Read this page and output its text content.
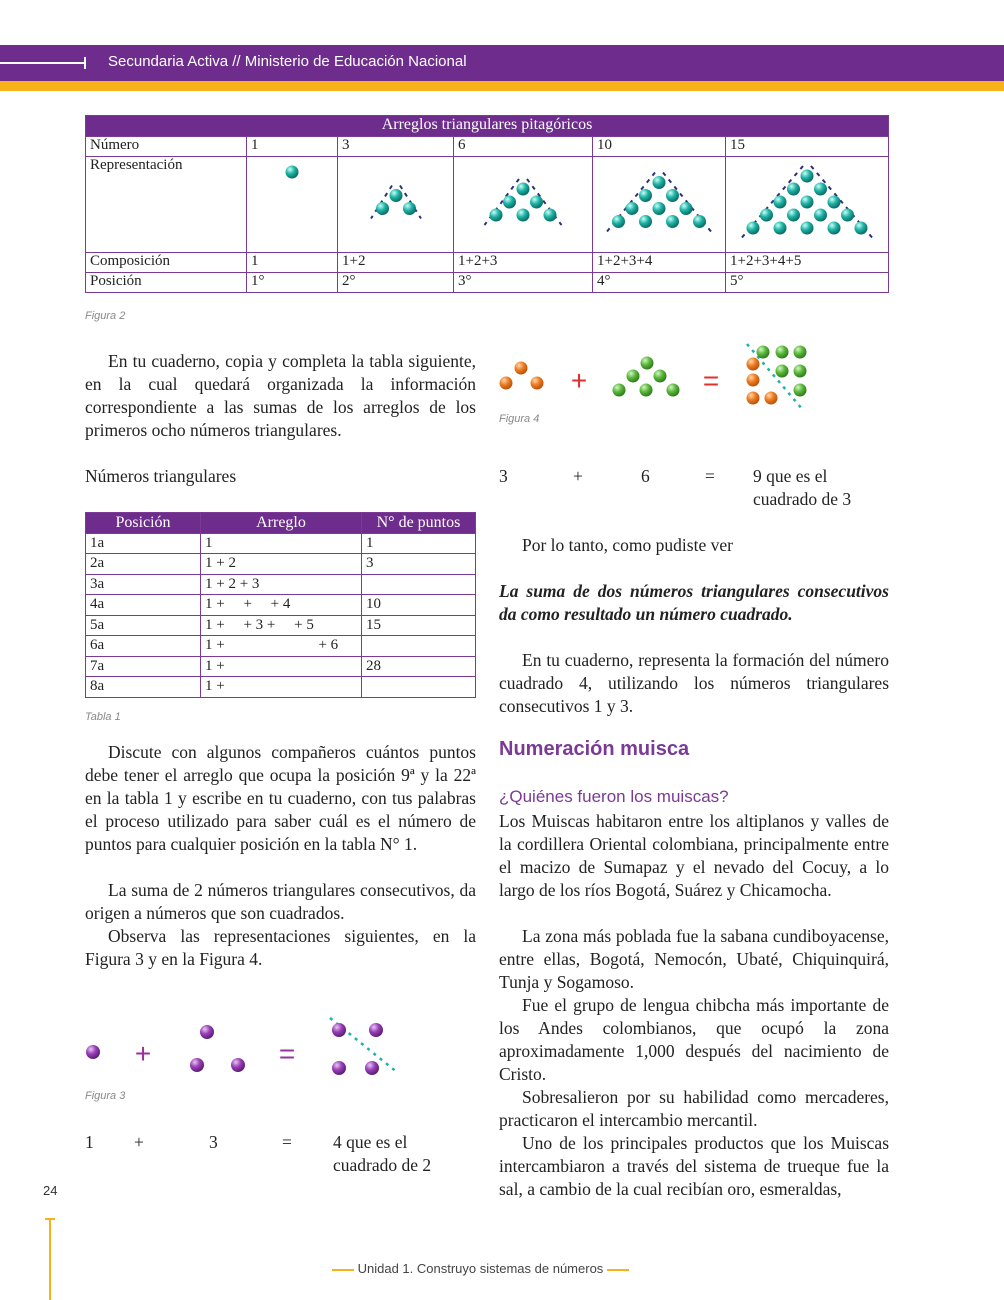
Secundaria Activa // Ministerio de Educación Nacional
Arreglos triangulares pitagóricos					
Número	1	3	6	10	15
Representación					
Composición	1	1+2	1+2+3	1+2+3+4	1+2+3+4+5
Posición	1°	2°	3°	4°	5°
Figura 2
En tu cuaderno, copia y completa la tabla siguiente, en la cual quedará organizada la información correspondiente a las sumas de los arreglos de los primeros ocho números triangulares.
Números triangulares
Posición	Arreglo	N° de puntos
1a	1	1
2a	1 + 2	3
3a	1 + 2 + 3	
4a	1 +     +     + 4	10
5a	1 +     + 3 +     + 5	15
6a	1 +                         + 6	
7a	1 +	28
8a	1 +	
Tabla 1
Discute con algunos compañeros cuántos puntos debe tener el arreglo que ocupa la posición 9ª y la 22ª en la tabla 1 y escribe en tu cuaderno, con tus palabras el proceso utilizado para saber cuál es el número de puntos para cualquier posición en la tabla N° 1.
La suma de 2 números triangulares consecutivos, da origen a números que son cuadrados.
Observa las representaciones siguientes, en la Figura 3 y en la Figura 4.
+	=
Figura 3
1 +	3	= 4 que es el
cuadrado de 2
+	=
Figura 4
3	+	6	= 9 que es el
cuadrado de 3
Por lo tanto, como pudiste ver
La suma de dos números triangulares consecutivos da como resultado un número cuadrado.
En tu cuaderno, representa la formación del número cuadrado 4, utilizando los números triangulares consecutivos 1 y 3.
Numeración muisca
¿Quiénes fueron los muiscas?
Los Muiscas habitaron entre los altiplanos y valles de la cordillera Oriental colombiana, principalmente entre el macizo de Sumapaz y el nevado del Cocuy, a lo largo de los ríos Bogotá, Suárez y Chicamocha.
La zona más poblada fue la sabana cundiboyacense, entre ellas, Bogotá, Nemocón, Ubaté, Chiquinquirá, Tunja y Sogamoso.
Fue el grupo de lengua chibcha más importante de los Andes colombianos, que ocupó la zona aproximadamente 1,000 después del nacimiento de Cristo.
Sobresalieron por su habilidad como mercaderes, practicaron el intercambio mercantil.
Uno de los principales productos que los Muiscas intercambiaron a través del sistema de trueque fue la sal, a cambio de la cual recibían oro, esmeraldas,
24
Unidad 1. Construyo sistemas de números
